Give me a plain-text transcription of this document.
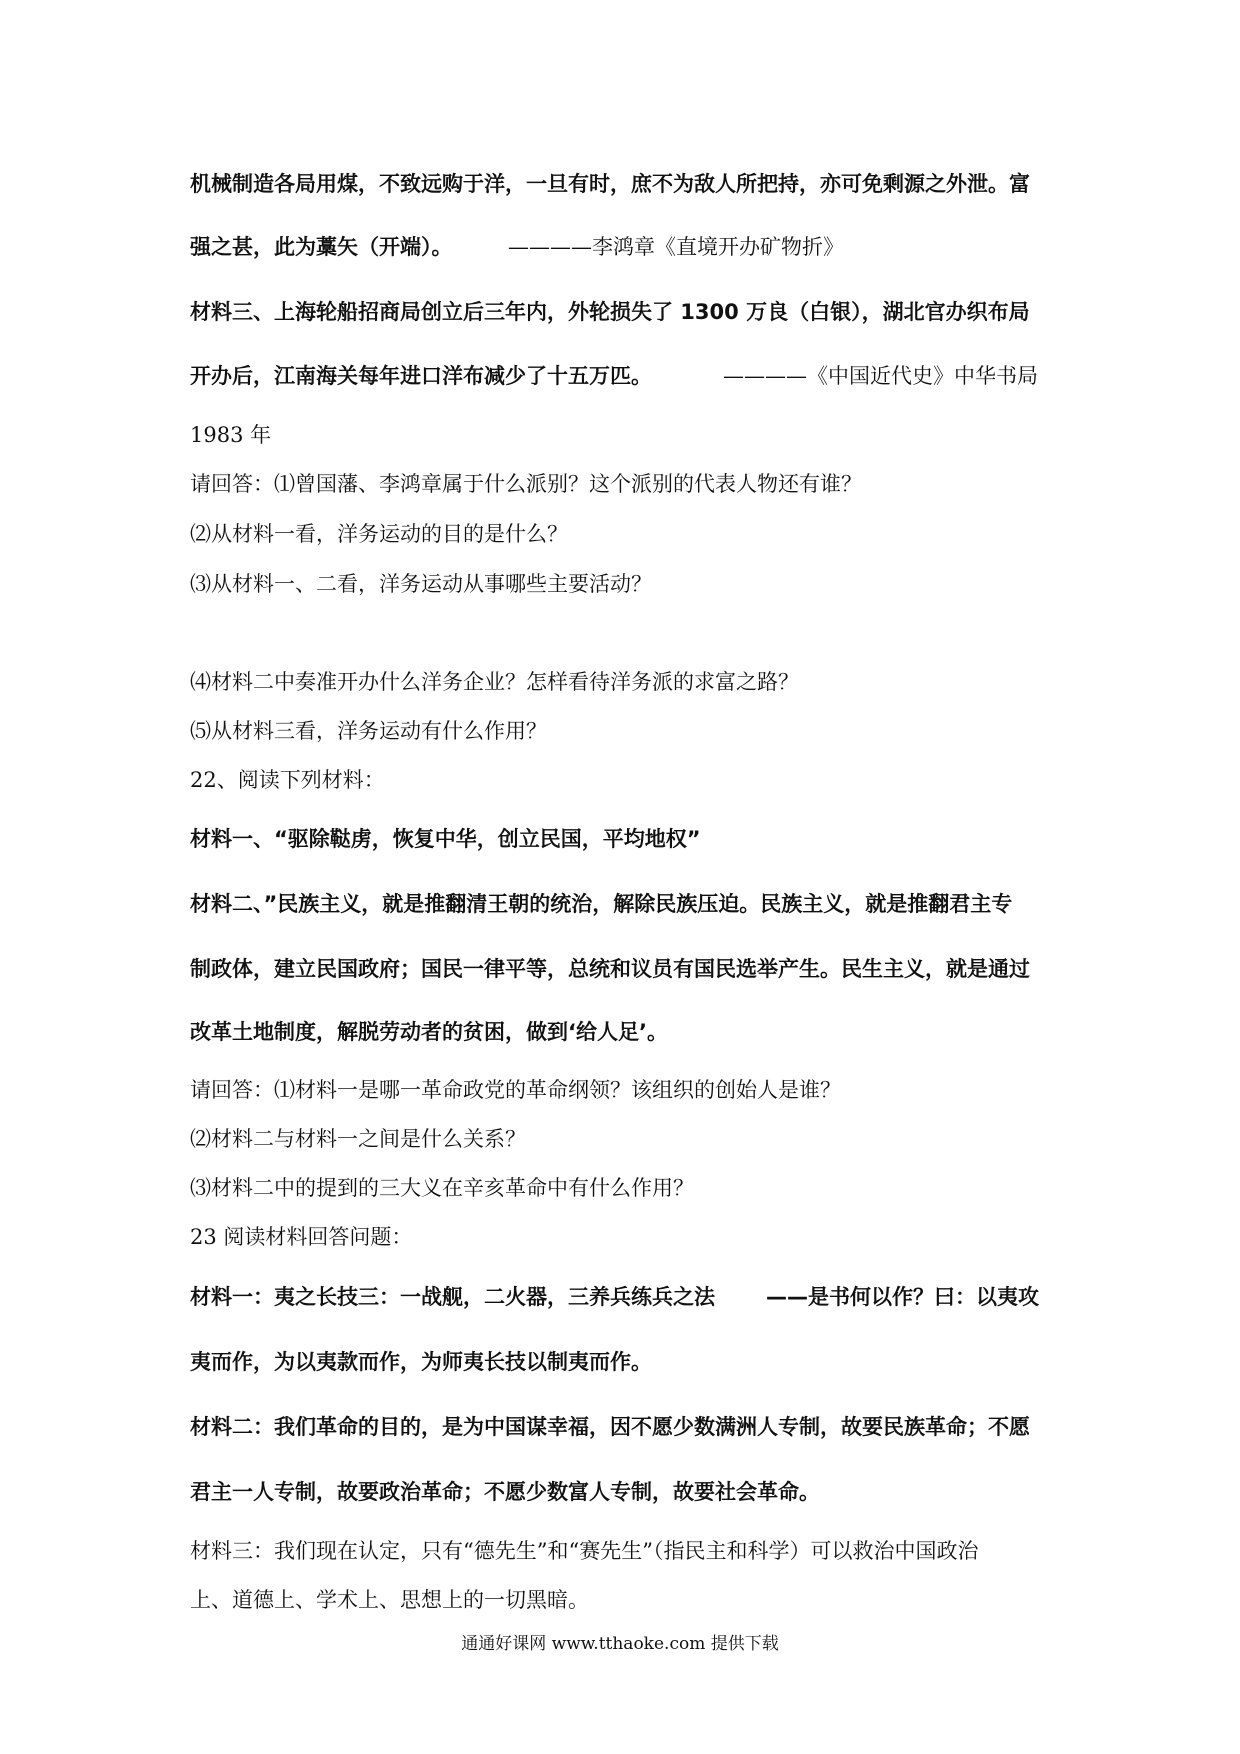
机械制造各局用煤，不致远购于洋，一旦有时，庶不为敌人所把持，亦可免剩源之外泄。富
强之甚，此为藁矢（开端）。	————李鸿章《直境开办矿物折》
材料三、上海轮船招商局创立后三年内，外轮损失了 1300 万良（白银），湖北官办织布局
开办后，江南海关每年进口洋布减少了十五万匹。	————《中国近代史》中华书局
1983 年
请回答：⑴曾国藩、李鸿章属于什么派别？这个派别的代表人物还有谁？
⑵从材料一看，洋务运动的目的是什么？
⑶从材料一、二看，洋务运动从事哪些主要活动？
⑷材料二中奏准开办什么洋务企业？怎样看待洋务派的求富之路？
⑸从材料三看，洋务运动有什么作用？
22、阅读下列材料：
材料一、“驱除鞑虏，恢复中华，创立民国，平均地权”
材料二、”民族主义，就是推翻清王朝的统治，解除民族压迫。民族主义，就是推翻君主专
制政体，建立民国政府；国民一律平等，总统和议员有国民选举产生。民生主义，就是通过
改革土地制度，解脱劳动者的贫困，做到‘给人足’。
请回答：⑴材料一是哪一革命政党的革命纲领？该组织的创始人是谁？
⑵材料二与材料一之间是什么关系？
⑶材料二中的提到的三大义在辛亥革命中有什么作用？
23 阅读材料回答问题：
材料一：夷之长技三：一战舰，二火器，三养兵练兵之法 ——是书何以作？曰：以夷攻
夷而作，为以夷款而作，为师夷长技以制夷而作。
材料二：我们革命的目的，是为中国谋幸福，因不愿少数满洲人专制，故要民族革命；不愿
君主一人专制，故要政治革命；不愿少数富人专制，故要社会革命。
材料三：我们现在认定，只有“德先生”和“赛先生”（指民主和科学）可以救治中国政治
上、道德上、学术上、思想上的一切黑暗。
通通好课网 www.tthaoke.com 提供下载
